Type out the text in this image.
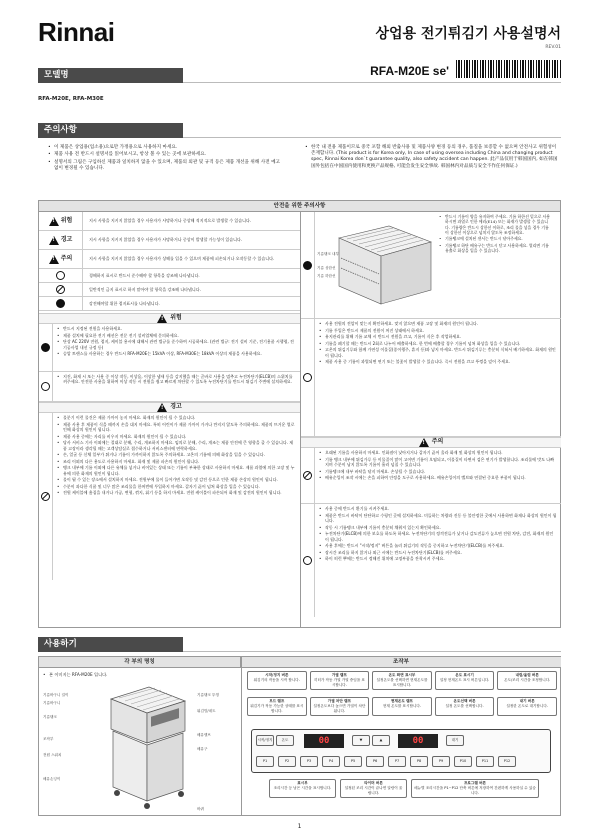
Rinnai	상업용 전기튀김기 사용설명서
REV.01
모델명	RFA-M20E se'
RFA-M20E, RFA-M30E
주의사항
• 이 제품은 상업용(업소용)으로만 가정용으로 사용하지 마세요.
• 제품 사용 전 반드시 설명서를 읽어보시고, 항상 볼 수 있는 곳에 보관하세요.
• 설명서의 그림은 구입하신 제품과 일치하지 않을 수 있으며, 제품의 외관 및 규격 등은 제품 개선을 위해 사전 예고 없이 변경될 수 있습니다.
• 한국 내 전용 제품이므로 중국 포함 해외 반출사용 및 제품사양 변경 등의 경우, 품질을 보증할 수 없으며 안전사고 위험성이 존재합니다. (This product is for Korea only, In case of using oversea including China and changing product spec, Rinnai Korea don`t guarantee quality, also safety accident can happen. 此产品仅用于韩国国内, 如在韩国国外包括在中国国内使用和更换产品规格, 可能会发生安全事故. 韩国林内对品质与安全不作任何保证.)
안전을 위한 주의사항
!
위험	지시 사항을 지키지 않았을 경우 사용자가 사망하거나 중상해 적지적으로 발생할 수 있습니다.
!
경고	지시 사항을 지키지 않았을 경우 사용자가 사망하거나 중상이 발생할 가능성이 있습니다.
!
주의	지시 사항을 지키지 않았을 경우 사용자가 상해를 입을 수 있으며 제품에 피손되거나 오작동할 수 있습니다.
경해하지 표시로 반드시 준수해야 할 항목을 강조해 나타냅니다.
일반적인 금지 표시로 하지 말아야 할 항목을 강조해 나타냅니다.
강전해야할 위한 접지표시를 나타냅니다.
!
위험
• 반드시 지정된 전원을 사용하세요.
• 제품 설치에 필요한 전기 배선은 전문 전기 설비업체에 문의하세요.
• 단상 AC 220V 전원, 접지, 케이블 용시에 대해서 관련 법규를 준수하여 시공하세요. (관련 법규: 전기 설비 기준, 전기용품 시행령, 전기공사업 내선 규정 등)
• 승압 트랜스를 사용하는 경우 반드시 RFA-M20E는 15kVA 이상, RFA-M30E는 18kVA 이상의 제품을 사용하세요.
• 지진, 화재 시 또는 사용 중 이상 작동, 이상음, 이상한 냄새 등을 감지했을 때는 곧바로 사용을 멈추고 누전차단기(ELCB)의 스위치를 꺼주세요. 안전한 사용을 위하여 이상 작동 시 전원을 쉽고 빠르게 차단할 수 있도록 누전차단기를 반드시 튀김기 주변에 설치하세요.
!
경고
• 물분기 이런 물건은 제품 가까이 놓지 마세요. 화재의 원인이 될 수 있습니다.
• 제품 사용 후 제품이 식을 때까지 손을 대지 마세요. 특히 어린이가 제품 가까이 가거나 만지지 않도록 주의하세요. 제품의 뜨거운 열로 인해 화상의 원인이 됩니다.
• 제품 사용 중에는 자리를 비우지 마세요. 화재의 원인이 될 수 있습니다.
• 당사 서비스 기사 이외에는 절대로 분해, 수리, 개조하지 마세요. 임의로 분해, 수리, 개조는 제품 안전에 큰 영향을 줄 수 있습니다. 제품 고장이라 생각될 때는 고객상담실로 접수하거나 서비스센터에 연락하세요.
• 손, 얼굴 등 신체 일부가 튀거나 기름이 가까이하지 않도록 주의하세요. 고온의 기름에 의해 화상을 입을 수 있습니다.
• 조리 이외의 다른 용도로 사용하지 마세요. 화재 및 제품 파손의 원인이 됩니다.
• 탱크 내부에 기름 이외에 다른 유체를 넣거나 비어있는 상태 또는 기름이 부족한 상태로 사용하지 마세요. 제품 과열에 의한 고장 및 누유에 의한 화재의 원인이 됩니다.
• 물이 튈 수 있는 장소에서 설치하지 마세요. 전원부에 물이 들어가면 오작동 및 감전 등으로 인한 제품 손상의 원인이 됩니다.
• 수분이 과다한 식품 및 너무 많은 조리물을 한꺼번에 투입하지 마세요. 갑자기 끓어 넘쳐 화상을 입을 수 있습니다.
• 전원 케이블에 흠집을 내거나 가공, 변형, 꺾지, 휘기 등을 하지 마세요. 전원 케이블이 파손되어 화재 및 감전의 원인이 됩니다.
기름탱크 내부
기름 상한선
기름 하한선
• 반드시 기름이 양을 유지하여 주세요. 기름 하한선 밑으로 사용하시면 과열로 인한 에러(E14) 또는 화재가 발생할 수 있습니다. 기름량은 반드시 상한선 이하로, 조리 물을 넣을 경우 기름이 상한선 이상으로 넘치지 않도록 조정하세요.
• 기름탱크에 설치된 센서는 반드시 닦아주세요.
• 기름탱크 하단 배유구는 반드시 닫고 사용하세요. 열리면 기름 유출로 화상을 입을 수 있습니다.
• 사용 전원의 전압이 맞는지 확인하세요. 맞지 않으면 제품 고장 및 화재의 원인이 됩니다.
• 기름 투입은 반드시 제품의 전원이 꺼진 상태에서 하세요.
• 유지관리를 위해 기름 교체 시 반드시 전원을 끄고, 기름이 식은 후 작업하세요.
• 기름을 폐기할 때는 반드시 2회로 나누어 배출하세요. 한 번에 배출할 경우 기름이 넘쳐 화상을 입을 수 있습니다.
• 고온의 튀김기루와 함께 가연성 이물질(종이행주, 휴지 등)과 넣지 마세요. 반드시 튀김기루는 충분히 식혀서 배기하세요. 화재의 원인이 됩니다.
• 제품 사용 중 기름이 과열되면 연기 또는 불꽃이 발생할 수 있습니다. 즉시 전원을 끄고 뚜껑을 덮어 주세요.
!
주의
• 오래된 기름을 사용하지 마세요. 인화점이 낮아지거나 갑자기 끓어 올라 화재 및 화상의 원인이 됩니다.
• 기름 탱크 내부에 튀김가루 등 이물질이 많이 고이면 기름이 오염되고, 이물질이 타면서 검은 연기가 발생합니다. 조리물에 맛도 나빠지며 수분이 남지 않도록 기름이 흘러 넘칠 수 있습니다.
• 기름탱크에 내부 바닥을 닦지 마세요. 손상될 수 있습니다.
• 배유순잉이 조작 시에는 손을 피하여 안정을 도구로 사용하세요. 배유손잉이의 밸브와 연결된 중요한 부품이 됩니다.
• 사용 중에 반드시 환기를 시켜주세요.
• 제품은 반드시 바닥이 단단하고 수평인 곳에 설치하세요. 미들하는 차량과 진동 등 불안정한 곳에서 사용하면 화재나 화상의 원인이 됩니다.
• 작동 시 기름탱크 내부에 기름이 충분히 채워져 있는지 확인하세요.
• 누전차단기(ELCB)에 의한 보호를 하도록 하세요. 누전차단기의 정격전류가 낮거나 감도전류가 높으면 전원 차단, 감전, 화재의 원인이 됩니다.
• 사용 후에는 반드시 "시작/정지" 버튼을 눌러 튀김기의 작동을 중지하고 누전차단기(ELCB)를 꺼주세요.
• 장시간 조리를 하지 않거나 외근 시에는 반드시 누전차단기(ELCB)를 꺼주세요.
• 하이 히런 뿌에는 반드시 정해진 위치에 고정부품을 잔착시켜 주세요.
사용하기
각 부의 명칭	조작부
• 본 이미지는 RFA-M20E 입니다.
기름바구니 걸이
기름바구니
기름탱크
조작부
전원 스위치
배유손잉이
기름탱크 뚜껑
튀김망/네트
배유밸브
배유구
바퀴
시작/정지 버튼
튀김기의 작동을 시작 합니다.
가열 램프
히터가 작동 가열 가열 중임을 표시합니다.
온도 화면 표시부
설정온도를 선택하면 현재온도를 표시합니다.
온도 표시기
설정 현재온도 표시 버튼입니다.
내림/올림 버튼
온도/조리 시간을 조정합니다.
모드 램프
튀김기가 작동 가능한 상태를 표시합니다.
가열 차단 램프
설정온도보다 높으면 가열이 차단됩니다.
현재온도 램프
현재 온도를 표시합니다.
온도선택 버튼
설정 온도를 선택합니다.
대기 버튼
설정한 온도로 대기합니다.
시작/정지	온도	00	▼	▲	00	대기
P1	P2	P3	P4	P5	P6	P7	P8	P9	P10	P11	P12
표시부
조리시간 등 남은 시간을 표시합니다.
타이머 버튼
설정된 조리 시간이 끝나면 알람이 울립니다.
프로그램 버튼
메뉴별 조리시간을 P1~P12 단축 버튼에 저장하여 간편하게 사용하실 수 있습니다.
1
